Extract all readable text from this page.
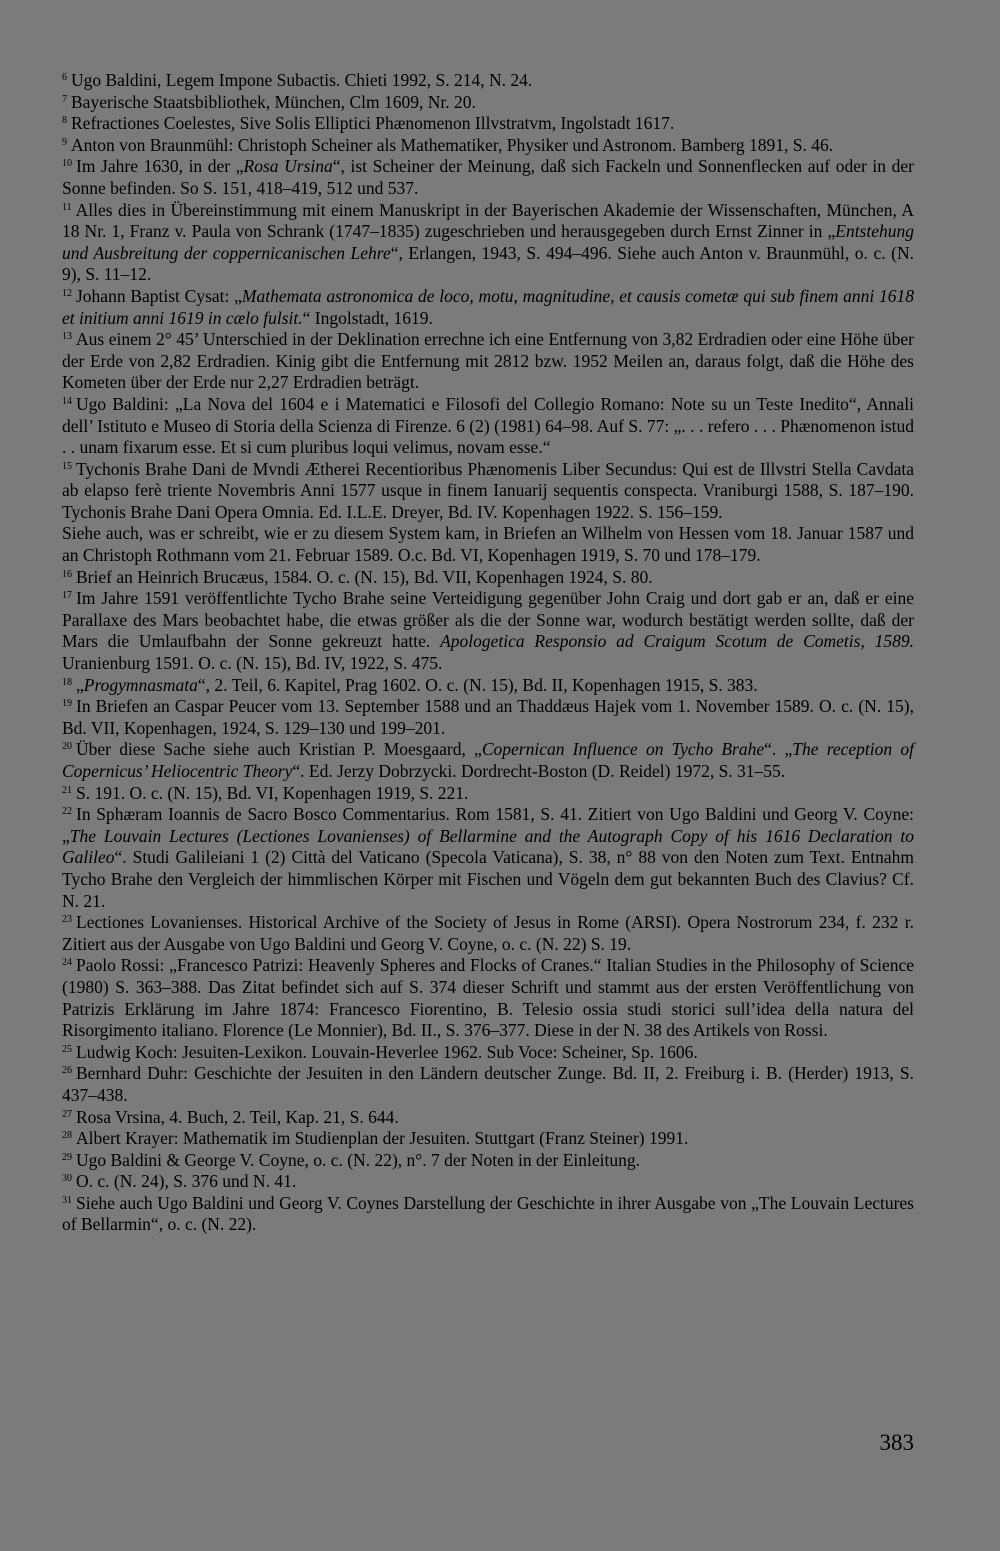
$^6$ Ugo Baldini, Legem Impone Subactis. Chieti 1992, S. 214, N. 24.

$^7$ Bayerische Staatsbibliothek, München, Clm 1609, Nr. 20.

$^8$ Refractiones Coelestes, Sive Solis Elliptici Phænomenon Illvstratvm, Ingolstadt 1617.

$^9$ Anton von Braunmühl: Christoph Scheiner als Mathematiker, Physiker und Astronom. Bamberg 1891, S. 46.

$^{10}$ Im Jahre 1630, in der „Rosa Ursina“, ist Scheiner der Meinung, daß sich Fackeln und Sonnenflecken auf oder in der Sonne befinden. So S. 151, 418–419, 512 und 537.

$^{11}$ Alles dies in Übereinstimmung mit einem Manuskript in der Bayerischen Akademie der Wissenschaften, München, A 18 Nr. 1, Franz v. Paula von Schrank (1747–1835) zugeschrieben und herausgegeben durch Ernst Zinner in „Entstehung und Ausbreitung der coppernicanischen Lehre“, Erlangen, 1943, S. 494–496. Siehe auch Anton v. Braunmühl, o. c. (N. 9), S. 11–12.

$^{12}$ Johann Baptist Cysat: „Mathemata astronomica de loco, motu, magnitudine, et causis cometæ qui sub finem anni 1618 et initium anni 1619 in cælo fulsit.“ Ingolstadt, 1619.

$^{13}$ Aus einem 2° 45’ Unterschied in der Deklination errechne ich eine Entfernung von 3,82 Erdradien oder eine Höhe über der Erde von 2,82 Erdradien. Kinig gibt die Entfernung mit 2812 bzw. 1952 Meilen an, daraus folgt, daß die Höhe des Kometen über der Erde nur 2,27 Erdradien beträgt.

$^{14}$ Ugo Baldini: „La Nova del 1604 e i Matematici e Filosofi del Collegio Romano: Note su un Teste Inedito“, Annali dell’ Istituto e Museo di Storia della Scienza di Firenze. 6 (2) (1981) 64–98. Auf S. 77: „. . . refero . . . Phænomenon istud . . unam fixarum esse. Et si cum pluribus loqui velimus, novam esse.“

$^{15}$ Tychonis Brahe Dani de Mvndi Ætherei Recentioribus Phænomenis Liber Secundus: Qui est de Illvstri Stella Cavdata ab elapso ferè triente Novembris Anni 1577 usque in finem Ianuarij sequentis conspecta. Vraniburgi 1588, S. 187–190. Tychonis Brahe Dani Opera Omnia. Ed. I.L.E. Dreyer, Bd. IV. Kopenhagen 1922. S. 156–159.

Siehe auch, was er schreibt, wie er zu diesem System kam, in Briefen an Wilhelm von Hessen vom 18. Januar 1587 und an Christoph Rothmann vom 21. Februar 1589. O.c. Bd. VI, Kopenhagen 1919, S. 70 und 178–179.

$^{16}$ Brief an Heinrich Brucæus, 1584. O. c. (N. 15), Bd. VII, Kopenhagen 1924, S. 80.

$^{17}$ Im Jahre 1591 veröffentlichte Tycho Brahe seine Verteidigung gegenüber John Craig und dort gab er an, daß er eine Parallaxe des Mars beobachtet habe, die etwas größer als die der Sonne war, wodurch bestätigt werden sollte, daß der Mars die Umlaufbahn der Sonne gekreuzt hatte. Apologetica Responsio ad Craigum Scotum de Cometis, 1589. Uranienburg 1591. O. c. (N. 15), Bd. IV, 1922, S. 475.

$^{18}$ „Progymnasmata“, 2. Teil, 6. Kapitel, Prag 1602. O. c. (N. 15), Bd. II, Kopenhagen 1915, S. 383.

$^{19}$ In Briefen an Caspar Peucer vom 13. September 1588 und an Thaddæus Hajek vom 1. November 1589. O. c. (N. 15), Bd. VII, Kopenhagen, 1924, S. 129–130 und 199–201.

$^{20}$ Über diese Sache siehe auch Kristian P. Moesgaard, „Copernican Influence on Tycho Brahe“. „The reception of Copernicus’ Heliocentric Theory“. Ed. Jerzy Dobrzycki. Dordrecht-Boston (D. Reidel) 1972, S. 31–55.

$^{21}$ S. 191. O. c. (N. 15), Bd. VI, Kopenhagen 1919, S. 221.

$^{22}$ In Sphæram Ioannis de Sacro Bosco Commentarius. Rom 1581, S. 41. Zitiert von Ugo Baldini und Georg V. Coyne: „The Louvain Lectures (Lectiones Lovanienses) of Bellarmine and the Autograph Copy of his 1616 Declaration to Galileo“. Studi Galileiani 1 (2) Città del Vaticano (Specola Vaticana), S. 38, n° 88 von den Noten zum Text. Entnahm Tycho Brahe den Vergleich der himmlischen Körper mit Fischen und Vögeln dem gut bekannten Buch des Clavius? Cf. N. 21.

$^{23}$ Lectiones Lovanienses. Historical Archive of the Society of Jesus in Rome (ARSI). Opera Nostrorum 234, f. 232 r. Zitiert aus der Ausgabe von Ugo Baldini und Georg V. Coyne, o. c. (N. 22) S. 19.

$^{24}$ Paolo Rossi: „Francesco Patrizi: Heavenly Spheres and Flocks of Cranes.“ Italian Studies in the Philosophy of Science (1980) S. 363–388. Das Zitat befindet sich auf S. 374 dieser Schrift und stammt aus der ersten Veröffentlichung von Patrizis Erklärung im Jahre 1874: Francesco Fiorentino, B. Telesio ossia studi storici sull’idea della natura del Risorgimento italiano. Florence (Le Monnier), Bd. II., S. 376–377. Diese in der N. 38 des Artikels von Rossi.

$^{25}$ Ludwig Koch: Jesuiten-Lexikon. Louvain-Heverlee 1962. Sub Voce: Scheiner, Sp. 1606.

$^{26}$ Bernhard Duhr: Geschichte der Jesuiten in den Ländern deutscher Zunge. Bd. II, 2. Freiburg i. B. (Herder) 1913, S. 437–438.

$^{27}$ Rosa Vrsina, 4. Buch, 2. Teil, Kap. 21, S. 644.

$^{28}$ Albert Krayer: Mathematik im Studienplan der Jesuiten. Stuttgart (Franz Steiner) 1991.

$^{29}$ Ugo Baldini & George V. Coyne, o. c. (N. 22), n°. 7 der Noten in der Einleitung.

$^{30}$ O. c. (N. 24), S. 376 und N. 41.

$^{31}$ Siehe auch Ugo Baldini und Georg V. Coynes Darstellung der Geschichte in ihrer Ausgabe von „The Louvain Lectures of Bellarmin“, o. c. (N. 22).

383
